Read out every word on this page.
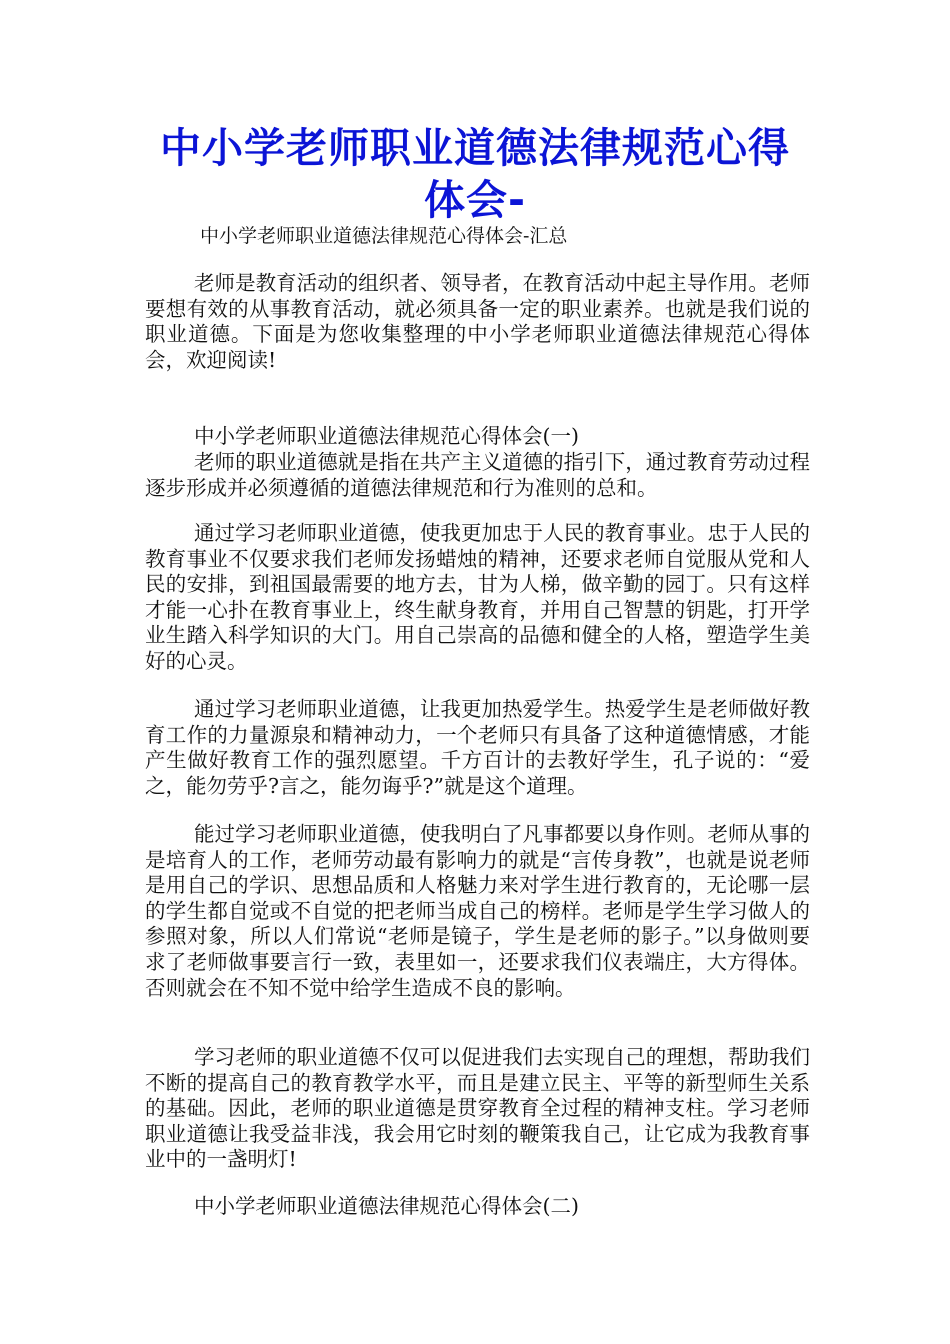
中小学老师职业道德法律规范心得体会-
中小学老师职业道德法律规范心得体会-汇总

老师是教育活动的组织者、领导者，在教育活动中起主导作用。老师要想有效的从事教育活动，就必须具备一定的职业素养。也就是我们说的职业道德。下面是为您收集整理的中小学老师职业道德法律规范心得体会，欢迎阅读!

中小学老师职业道德法律规范心得体会(一)

老师的职业道德就是指在共产主义道德的指引下，通过教育劳动过程逐步形成并必须遵循的道德法律规范和行为准则的总和。

通过学习老师职业道德，使我更加忠于人民的教育事业。忠于人民的教育事业不仅要求我们老师发扬蜡烛的精神，还要求老师自觉服从党和人民的安排，到祖国最需要的地方去，甘为人梯，做辛勤的园丁。只有这样才能一心扑在教育事业上，终生献身教育，并用自己智慧的钥匙，打开学业生踏入科学知识的大门。用自己崇高的品德和健全的人格，塑造学生美好的心灵。

通过学习老师职业道德，让我更加热爱学生。热爱学生是老师做好教育工作的力量源泉和精神动力，一个老师只有具备了这种道德情感，才能产生做好教育工作的强烈愿望。千方百计的去教好学生，孔子说的：“爱之，能勿劳乎?言之，能勿诲乎?”就是这个道理。

能过学习老师职业道德，使我明白了凡事都要以身作则。老师从事的是培育人的工作，老师劳动最有影响力的就是“言传身教”，也就是说老师是用自己的学识、思想品质和人格魅力来对学生进行教育的，无论哪一层的学生都自觉或不自觉的把老师当成自己的榜样。老师是学生学习做人的参照对象，所以人们常说“老师是镜子，学生是老师的影子。”以身做则要求了老师做事要言行一致，表里如一，还要求我们仪表端庄，大方得体。否则就会在不知不觉中给学生造成不良的影响。

学习老师的职业道德不仅可以促进我们去实现自己的理想，帮助我们不断的提高自己的教育教学水平，而且是建立民主、平等的新型师生关系的基础。因此，老师的职业道德是贯穿教育全过程的精神支柱。学习老师职业道德让我受益非浅，我会用它时刻的鞭策我自己，让它成为我教育事业中的一盏明灯!

中小学老师职业道德法律规范心得体会(二)
